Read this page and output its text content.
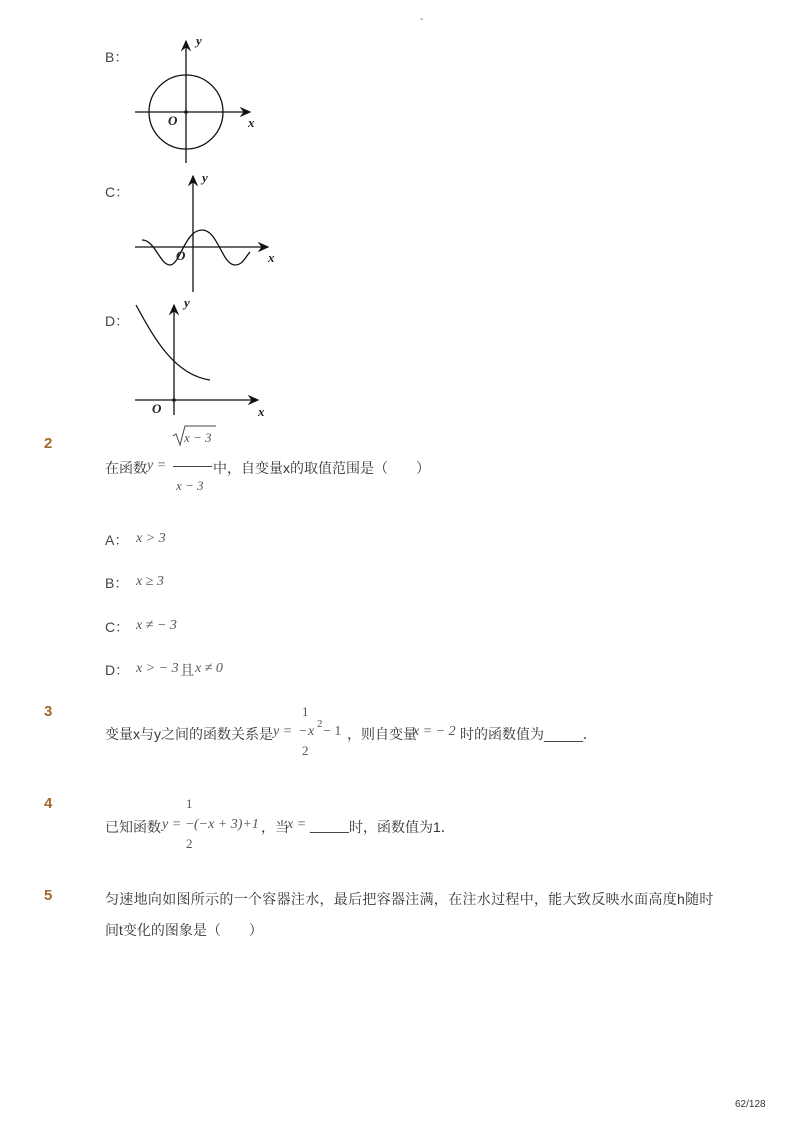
-
B：
y
x
O
C：
y
x
O
D：
y
x
O
2
在函数 y =
x − 3
x − 3
中，自变量x的取值范围是（　　）
A： x > 3
B： x ≥ 3
C： x ≠ − 3
D： x > − 3 且 x ≠ 0
3
变量x与y之间的函数关系是 y =
1
2
− x 2 − 1 ，则自变量
x = − 2 时的函数值为_____．
4
已知函数 y =
1
2
− (−x + 3)+1 ，当
x = _____ 时，函数值为1．
5	匀速地向如图所示的一个容器注水，最后把容器注满，在注水过程中，能大致反映水面高度h随时
间t变化的图象是（　　）
62/128
